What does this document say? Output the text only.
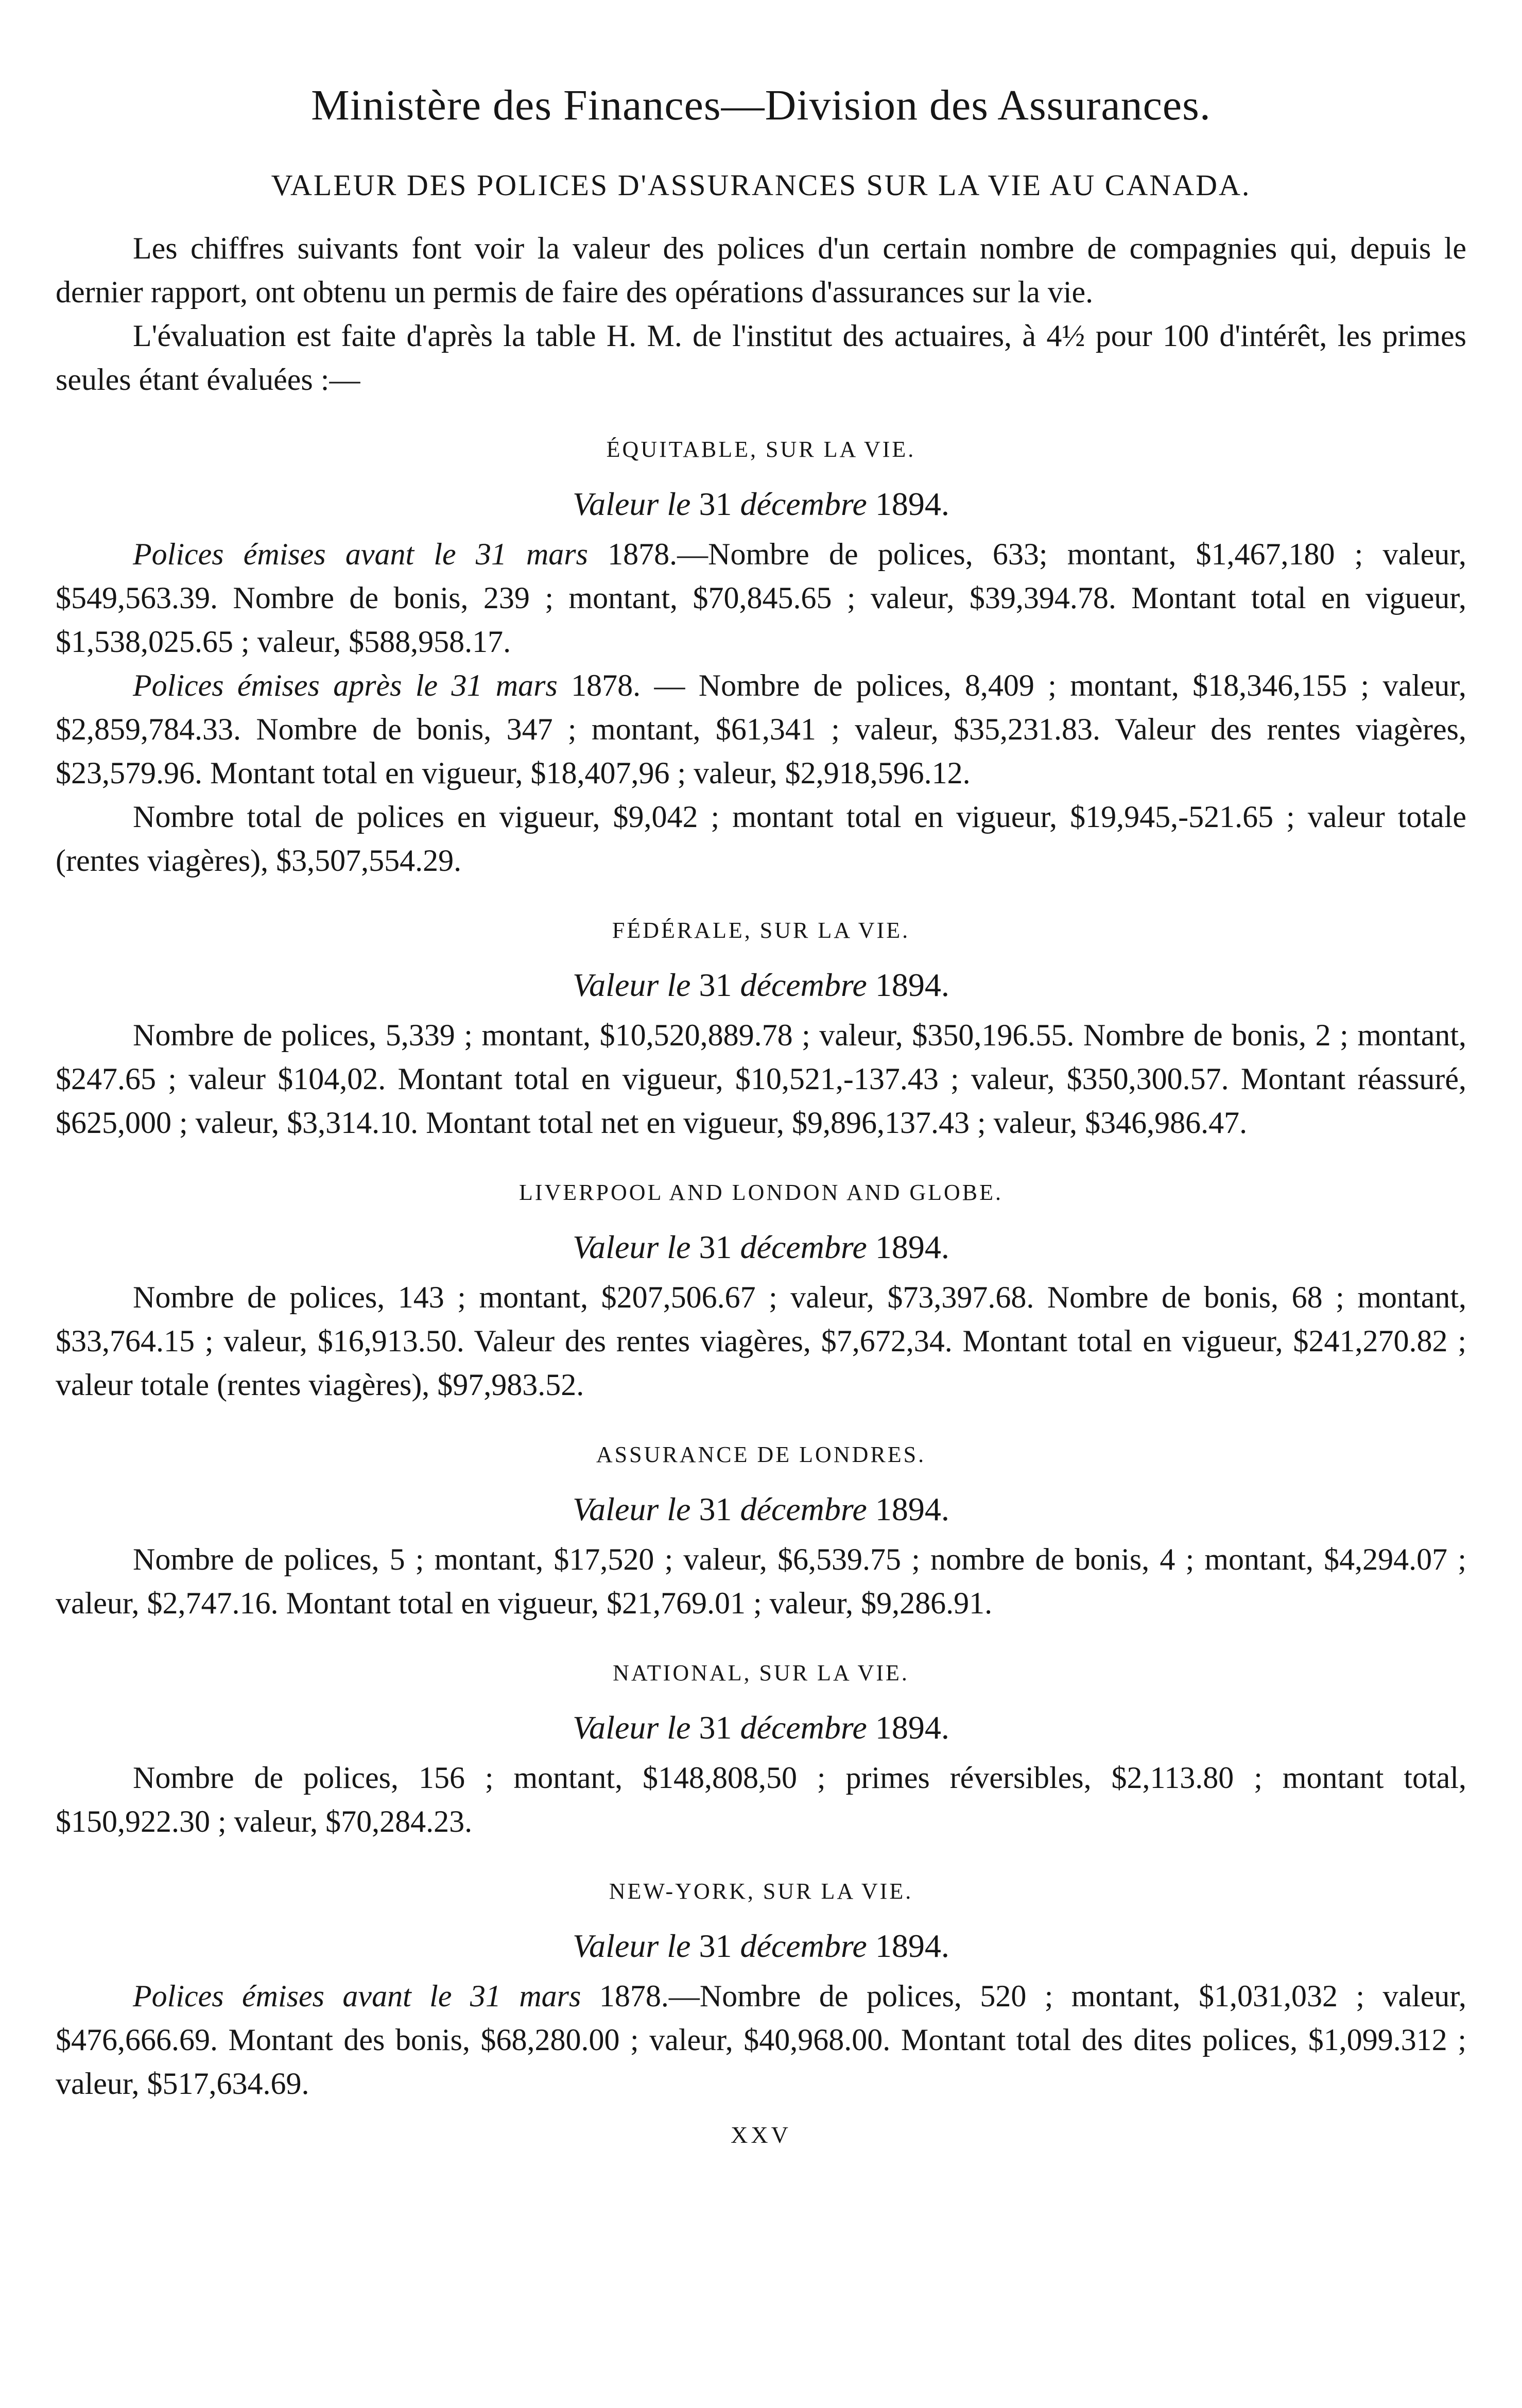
Ministère des Finances—Division des Assurances.
VALEUR DES POLICES D'ASSURANCES SUR LA VIE AU CANADA.

Les chiffres suivants font voir la valeur des polices d'un certain nombre de compagnies qui, depuis le dernier rapport, ont obtenu un permis de faire des opérations d'assurances sur la vie.

L'évaluation est faite d'après la table H. M. de l'institut des actuaires, à 4½ pour 100 d'intérêt, les primes seules étant évaluées :—

ÉQUITABLE, SUR LA VIE.
Valeur le 31 décembre 1894.

Polices émises avant le 31 mars 1878.—Nombre de polices, 633; montant, $1,467,180 ; valeur, $549,563.39. Nombre de bonis, 239 ; montant, $70,845.65 ; valeur, $39,394.78. Montant total en vigueur, $1,538,025.65 ; valeur, $588,958.17.

Polices émises après le 31 mars 1878. — Nombre de polices, 8,409 ; montant, $18,346,155 ; valeur, $2,859,784.33. Nombre de bonis, 347 ; montant, $61,341 ; valeur, $35,231.83. Valeur des rentes viagères, $23,579.96. Montant total en vigueur, $18,407,96 ; valeur, $2,918,596.12.

Nombre total de polices en vigueur, $9,042 ; montant total en vigueur, $19,945,-521.65 ; valeur totale (rentes viagères), $3,507,554.29.

FÉDÉRALE, SUR LA VIE.
Valeur le 31 décembre 1894.

Nombre de polices, 5,339 ; montant, $10,520,889.78 ; valeur, $350,196.55. Nombre de bonis, 2 ; montant, $247.65 ; valeur $104,02. Montant total en vigueur, $10,521,-137.43 ; valeur, $350,300.57. Montant réassuré, $625,000 ; valeur, $3,314.10. Montant total net en vigueur, $9,896,137.43 ; valeur, $346,986.47.

LIVERPOOL AND LONDON AND GLOBE.
Valeur le 31 décembre 1894.

Nombre de polices, 143 ; montant, $207,506.67 ; valeur, $73,397.68. Nombre de bonis, 68 ; montant, $33,764.15 ; valeur, $16,913.50. Valeur des rentes viagères, $7,672,34. Montant total en vigueur, $241,270.82 ; valeur totale (rentes viagères), $97,983.52.

ASSURANCE DE LONDRES.
Valeur le 31 décembre 1894.

Nombre de polices, 5 ; montant, $17,520 ; valeur, $6,539.75 ; nombre de bonis, 4 ; montant, $4,294.07 ; valeur, $2,747.16. Montant total en vigueur, $21,769.01 ; valeur, $9,286.91.

NATIONAL, SUR LA VIE.
Valeur le 31 décembre 1894.

Nombre de polices, 156 ; montant, $148,808,50 ; primes réversibles, $2,113.80 ; montant total, $150,922.30 ; valeur, $70,284.23.

NEW-YORK, SUR LA VIE.
Valeur le 31 décembre 1894.

Polices émises avant le 31 mars 1878.—Nombre de polices, 520 ; montant, $1,031,032 ; valeur, $476,666.69. Montant des bonis, $68,280.00 ; valeur, $40,968.00. Montant total des dites polices, $1,099.312 ; valeur, $517,634.69.

XXV
